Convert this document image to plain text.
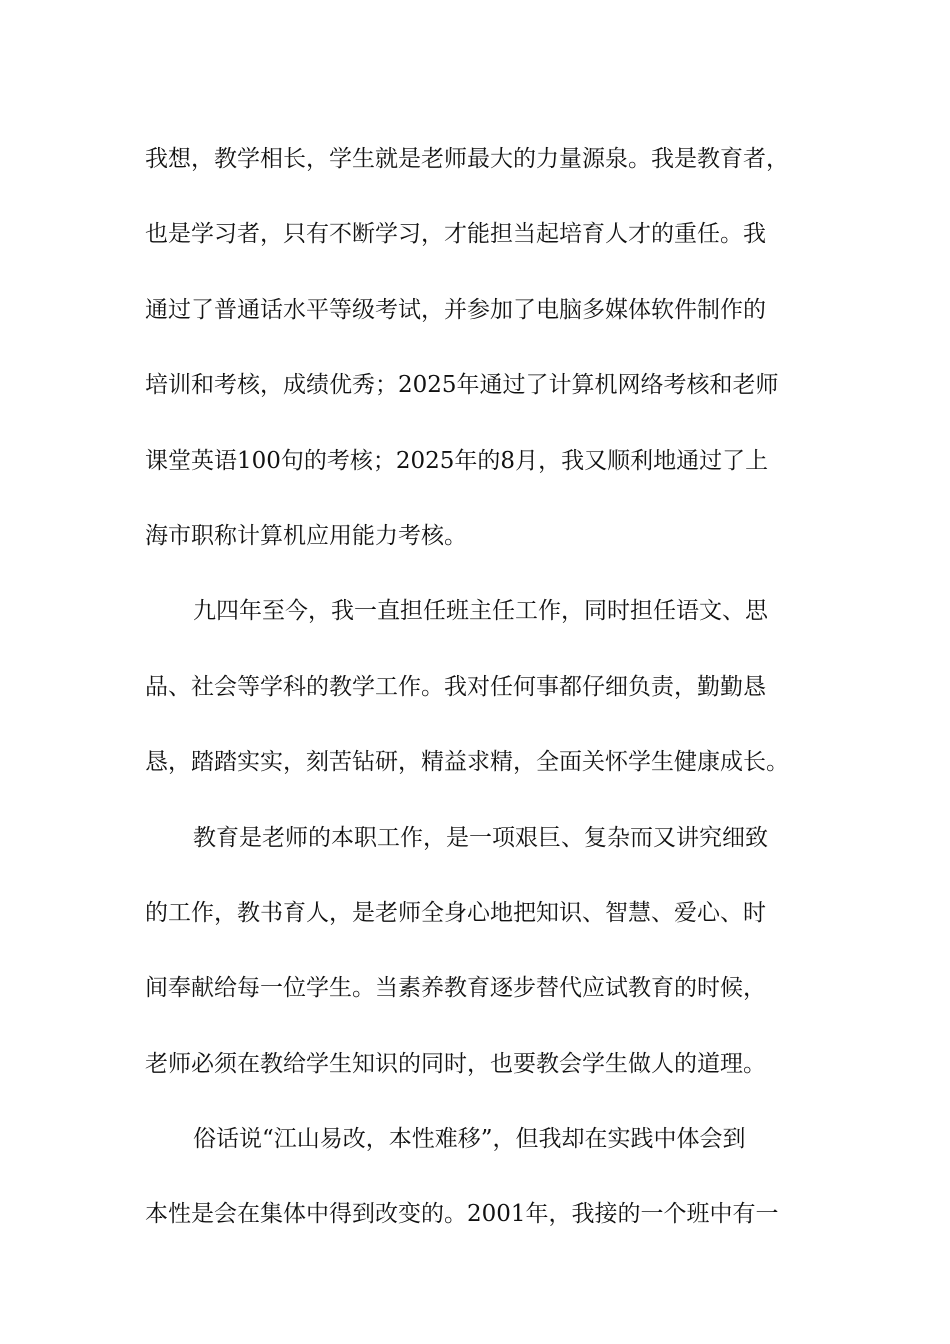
我想，教学相长，学生就是老师最大的力量源泉。我是教育者，
也是学习者，只有不断学习，才能担当起培育人才的重任。我
通过了普通话水平等级考试，并参加了电脑多媒体软件制作的
培训和考核，成绩优秀；2025年通过了计算机网络考核和老师
课堂英语100句的考核；2025年的8月，我又顺利地通过了上
海市职称计算机应用能力考核。
九四年至今，我一直担任班主任工作，同时担任语文、思
品、社会等学科的教学工作。我对任何事都仔细负责，勤勤恳
恳，踏踏实实，刻苦钻研，精益求精，全面关怀学生健康成长。
教育是老师的本职工作，是一项艰巨、复杂而又讲究细致
的工作，教书育人，是老师全身心地把知识、智慧、爱心、时
间奉献给每一位学生。当素养教育逐步替代应试教育的时候，
老师必须在教给学生知识的同时，也要教会学生做人的道理。
俗话说“江山易改，本性难移”，但我却在实践中体会到
本性是会在集体中得到改变的。2001年，我接的一个班中有一
